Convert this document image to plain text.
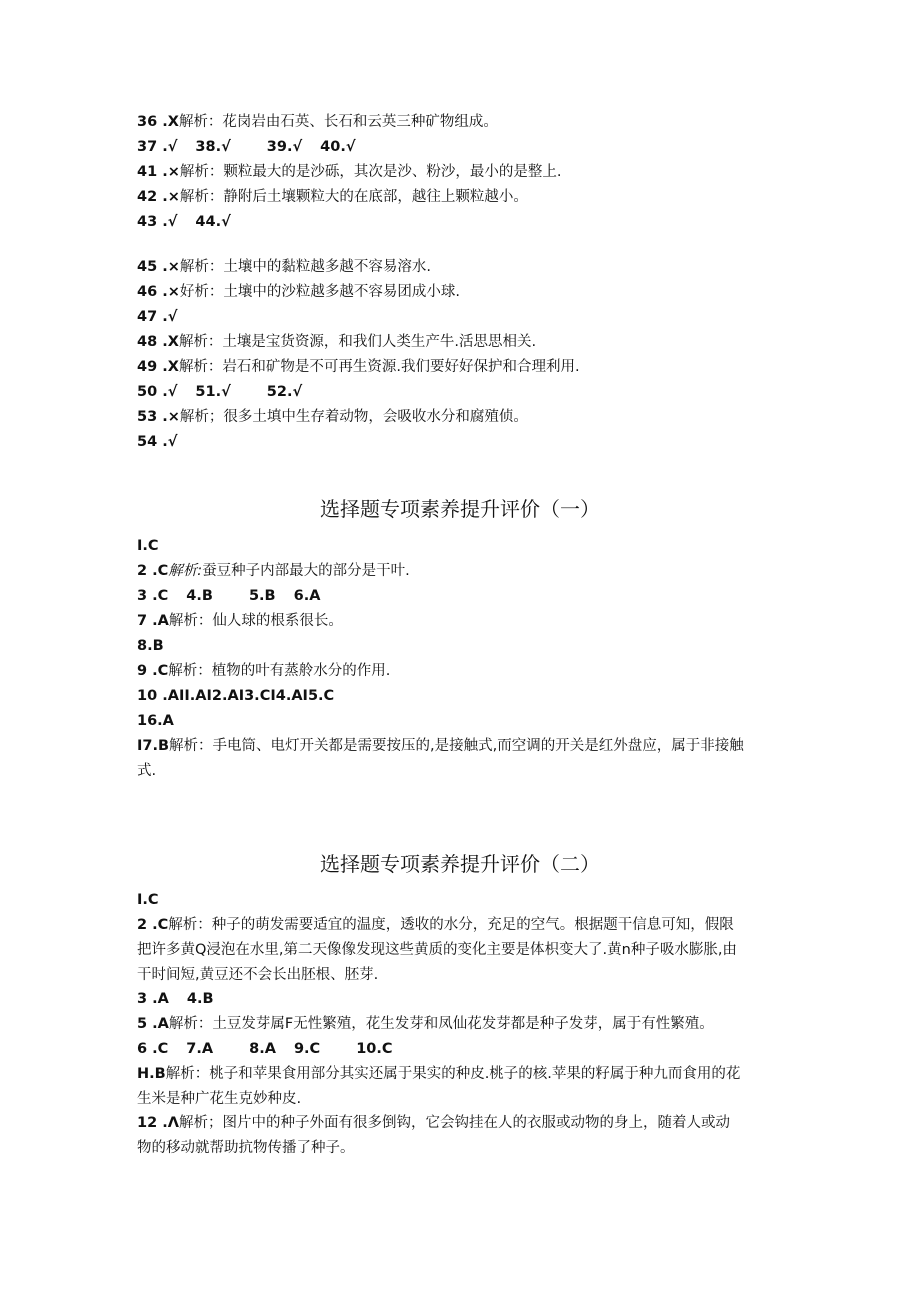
36 .X解析：花岗岩由石英、长石和云英三种矿物组成。
37 .√ 38.√ 39.√ 40.√
41 .×解析：颗粒最大的是沙砾，其次是沙、粉沙，最小的是整上.
42 .×解析：静附后土壤颗粒大的在底部，越往上颗粒越小。
43 .√ 44.√
45 .×解析：土壤中的黏粒越多越不容易溶水.
46 .×好析：土壤中的沙粒越多越不容易团成小球.
47 .√
48 .X解析：土壤是宝货资源，和我们人类生产牛.活思思相关.
49 .X解析：岩石和矿物是不可再生资源.我们要好好保护和合理利用.
50 .√ 51.√ 52.√
53 .×解析；很多土填中生存着动物，会吸收水分和腐殖侦。
54 .√
选择题专项素养提升评价（一）
I.C
2 .C解析:蚕豆种子内部最大的部分是干叶.
3 .C 4.B 5.B 6.A
7 .A解析：仙人球的根系很长。
8.B
9 .C解析：植物的叶有蒸舲水分的作用.
10 .AII.AI2.AI3.CI4.AI5.C
16.A
I7.B解析：手电筒、电灯开关都是需要按压的,是接触式,而空调的开关是红外盘应，属于非接触
式.
选择题专项素养提升评价（二）
I.C
2 .C解析：种子的萌发需要适宜的温度，透收的水分，充足的空气。根据题干信息可知，假限
把许多黄Q浸泡在水里,第二天像像发现这些黄质的变化主要是体枳变大了.黄n种子吸水膨胀,由
干时间短,黄豆还不会长出胚根、胚芽.
3 .A 4.B
5 .A解析：土豆发芽属F无性繁殖，花生发芽和凤仙花发芽都是种子发芽，属于有性繁殖。
6 .C 7.A 8.A 9.C 10.C
H.B解析：桃子和苹果食用部分其实还属于果实的种皮.桃子的核.苹果的籽属于种九而食用的花
生米是种广花生克妙种皮.
12 .Λ解析；图片中的种子外面有很多倒钩，它会钩挂在人的衣服或动物的身上，随着人或动
物的移动就帮助抗物传播了种子。
